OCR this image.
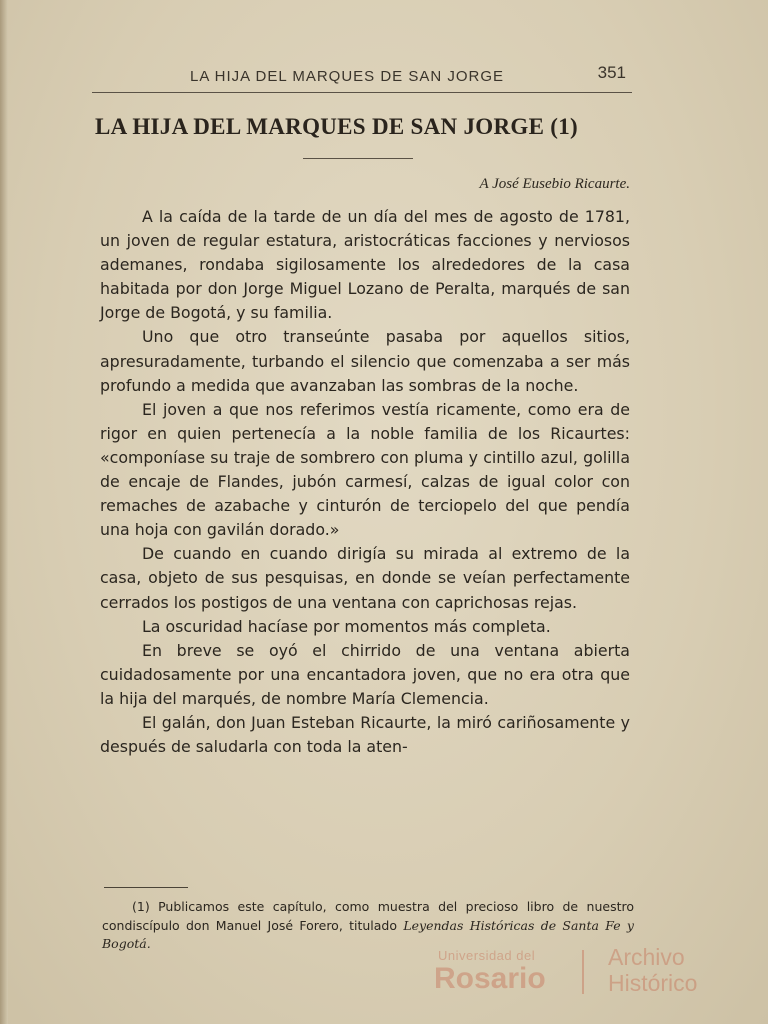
LA HIJA DEL MARQUES DE SAN JORGE	351
LA HIJA DEL MARQUES DE SAN JORGE (1)
A José Eusebio Ricaurte.

A la caída de la tarde de un día del mes de agosto de 1781, un joven de regular estatura, aristocráticas facciones y nerviosos ademanes, rondaba sigilosamente los alrededores de la casa habitada por don Jorge Miguel Lozano de Peralta, marqués de san Jorge de Bogotá, y su familia.

Uno que otro transeúnte pasaba por aquellos sitios, apresuradamente, turbando el silencio que comenzaba a ser más profundo a medida que avanzaban las sombras de la noche.

El joven a que nos referimos vestía ricamente, como era de rigor en quien pertenecía a la noble familia de los Ricaurtes: «componíase su traje de sombrero con pluma y cintillo azul, golilla de encaje de Flandes, jubón carmesí, calzas de igual color con remaches de azabache y cinturón de terciopelo del que pendía una hoja con gavilán dorado.»

De cuando en cuando dirigía su mirada al extremo de la casa, objeto de sus pesquisas, en donde se veían perfectamente cerrados los postigos de una ventana con caprichosas rejas.

La oscuridad hacíase por momentos más completa.

En breve se oyó el chirrido de una ventana abierta cuidadosamente por una encantadora joven, que no era otra que la hija del marqués, de nombre María Clemencia.

El galán, don Juan Esteban Ricaurte, la miró cariñosamente y después de saludarla con toda la aten-

(1) Publicamos este capítulo, como muestra del precioso libro de nuestro condiscípulo don Manuel José Forero, titulado Leyendas Históricas de Santa Fe y Bogotá.

Universidad del
Rosario
Archivo
Histórico
